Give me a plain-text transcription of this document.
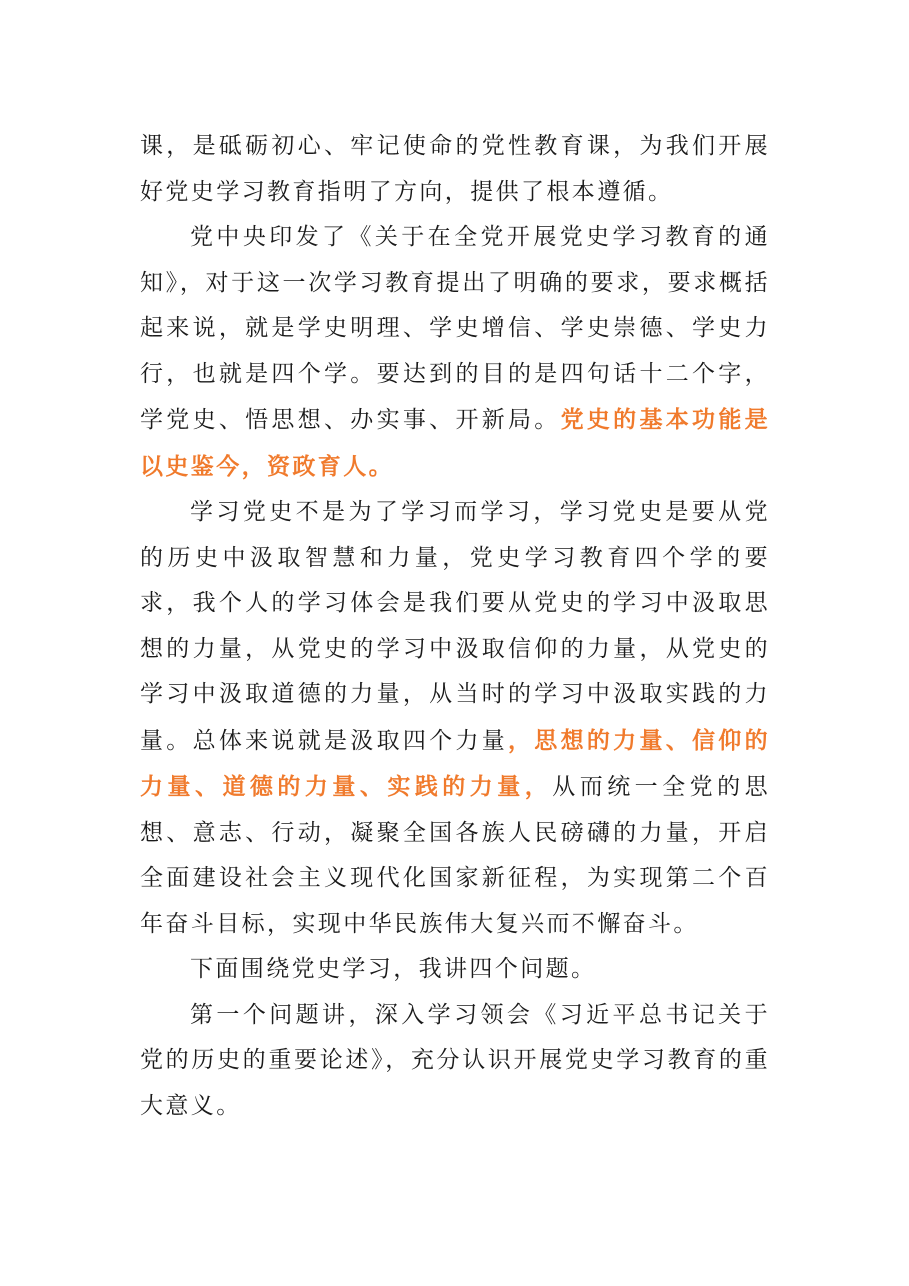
课，是砥砺初心、牢记使命的党性教育课，为我们开展好党史学习教育指明了方向，提供了根本遵循。

党中央印发了《关于在全党开展党史学习教育的通知》，对于这一次学习教育提出了明确的要求，要求概括起来说，就是学史明理、学史增信、学史崇德、学史力行，也就是四个学。要达到的目的是四句话十二个字，学党史、悟思想、办实事、开新局。党史的基本功能是以史鉴今，资政育人。

学习党史不是为了学习而学习，学习党史是要从党的历史中汲取智慧和力量，党史学习教育四个学的要求，我个人的学习体会是我们要从党史的学习中汲取思想的力量，从党史的学习中汲取信仰的力量，从党史的学习中汲取道德的力量，从当时的学习中汲取实践的力量。总体来说就是汲取四个力量，思想的力量、信仰的力量、道德的力量、实践的力量，从而统一全党的思想、意志、行动，凝聚全国各族人民磅礴的力量，开启全面建设社会主义现代化国家新征程，为实现第二个百年奋斗目标，实现中华民族伟大复兴而不懈奋斗。

下面围绕党史学习，我讲四个问题。

第一个问题讲，深入学习领会《习近平总书记关于党的历史的重要论述》，充分认识开展党史学习教育的重大意义。
